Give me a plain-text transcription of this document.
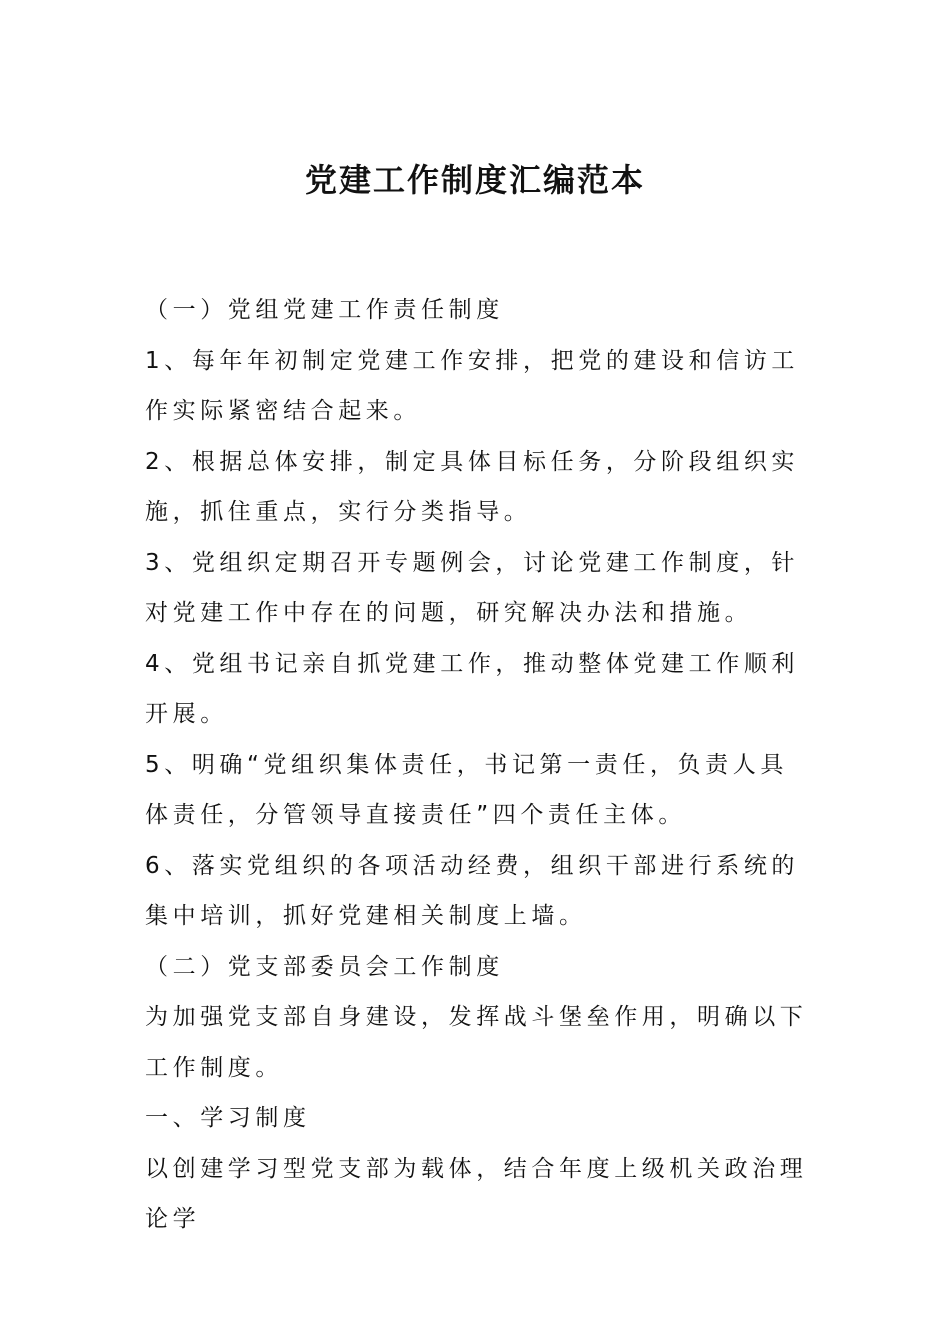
党建工作制度汇编范本

（一）党组党建工作责任制度

1、每年年初制定党建工作安排，把党的建设和信访工作实际紧密结合起来。

2、根据总体安排，制定具体目标任务，分阶段组织实施，抓住重点，实行分类指导。

3、党组织定期召开专题例会，讨论党建工作制度，针对党建工作中存在的问题，研究解决办法和措施。

4、党组书记亲自抓党建工作，推动整体党建工作顺利开展。

5、明确“党组织集体责任，书记第一责任，负责人具体责任，分管领导直接责任”四个责任主体。

6、落实党组织的各项活动经费，组织干部进行系统的集中培训，抓好党建相关制度上墙。

（二）党支部委员会工作制度

为加强党支部自身建设，发挥战斗堡垒作用，明确以下工作制度。

一、学习制度

以创建学习型党支部为载体，结合年度上级机关政治理论学
